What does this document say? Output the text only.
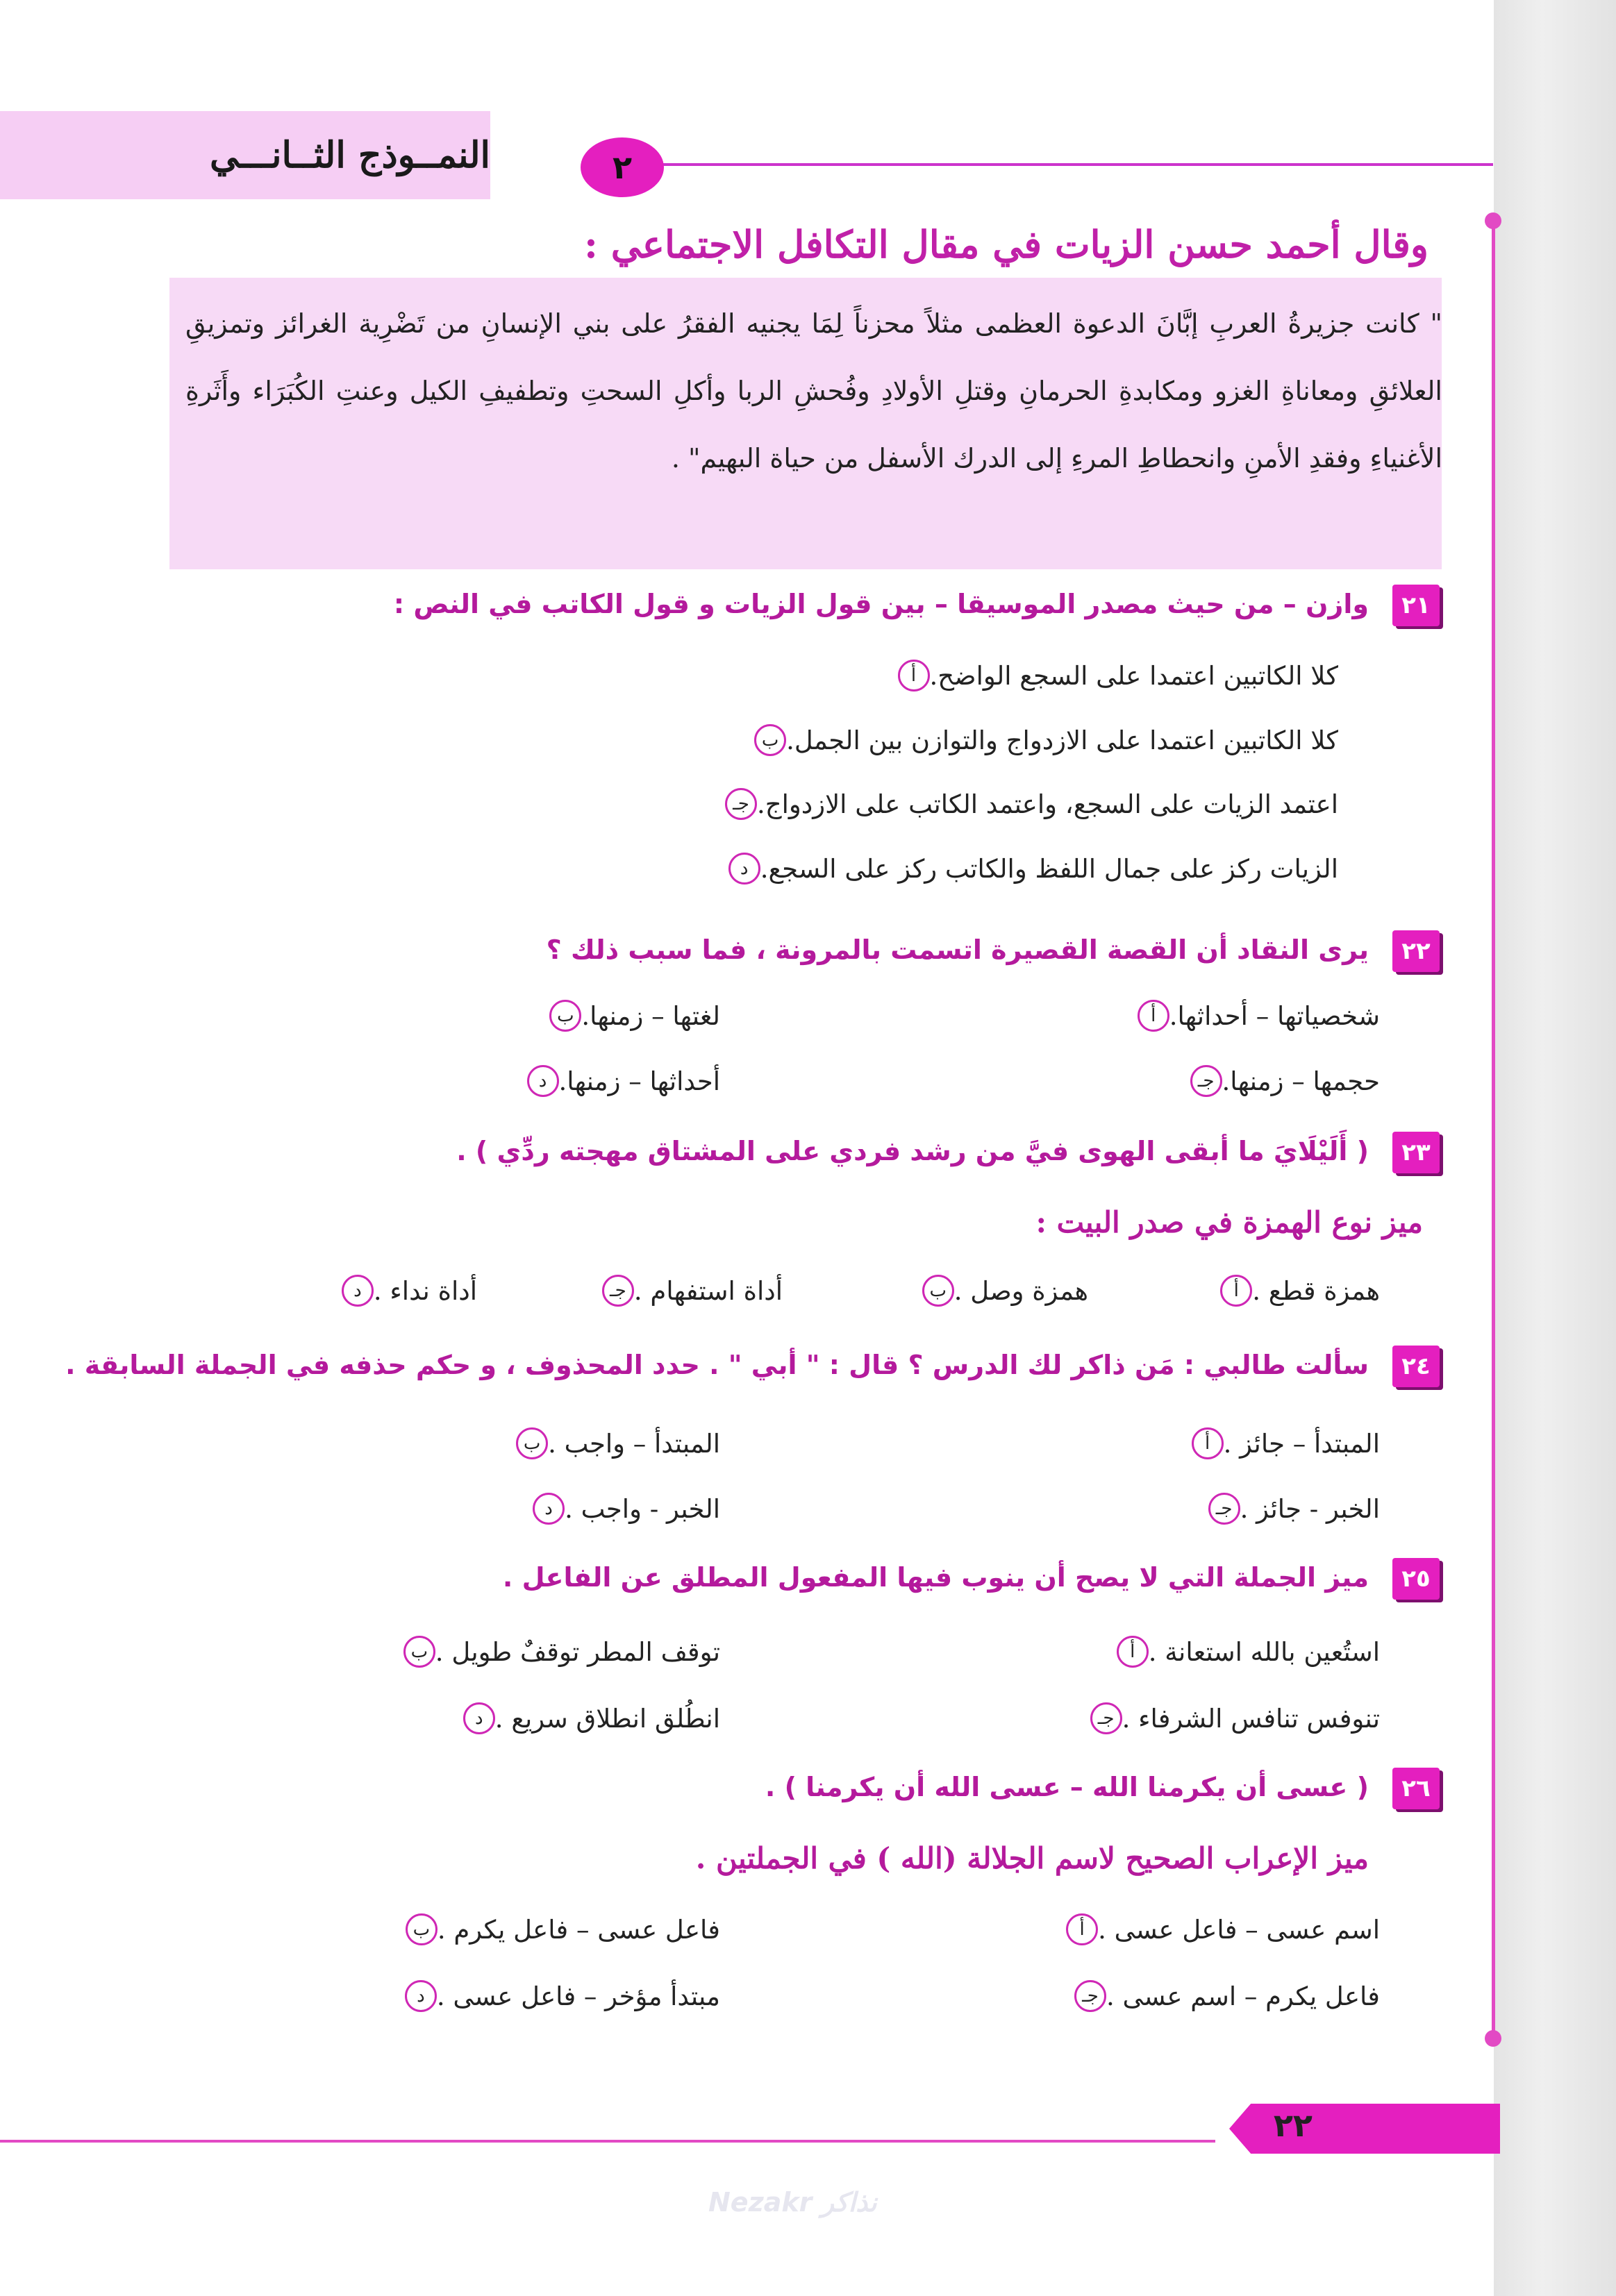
النمــوذج الثــانـــي	٢
وقال أحمد حسن الزيات في مقال التكافل الاجتماعي :
" كانت جزيرةُ العربِ إبَّانَ الدعوة العظمى مثلاً محزناً لِمَا يجنيه الفقرُ على بني الإنسانِ من تَضْرِية الغرائز وتمزيقِ العلائقِ ومعاناةِ الغزو ومكابدةِ الحرمانِ وقتلِ الأولادِ وفُحشِ الربا وأكلِ السحتِ وتطفيفِ الكيل وعنتِ الكُبَرَاء وأَثَرةِ الأغنياءِ وفقدِ الأمنِ وانحطاطِ المرءِ إلى الدرك الأسفل من حياة البهيم" .
٢١
وازن – من حيث مصدر الموسيقا – بين قول الزيات و قول الكاتب في النص :
أ كلا الكاتبين اعتمدا على السجع الواضح.
ب كلا الكاتبين اعتمدا على الازدواج والتوازن بين الجمل.
جـ اعتمد الزيات على السجع، واعتمد الكاتب على الازدواج.
د الزيات ركز على جمال اللفظ والكاتب ركز على السجع.
٢٢
يرى النقاد أن القصة القصيرة اتسمت بالمرونة ، فما سبب ذلك ؟
أ شخصياتها – أحداثها.
ب لغتها – زمنها.
جـ حجمها – زمنها.
د أحداثها – زمنها.
٢٣
( أَلَيْلَايَ ما أبقى الهوى فيَّ من رشد فردي على المشتاق مهجته ردِّي ) .
ميز نوع الهمزة في صدر البيت :
أ همزة قطع .
ب همزة وصل .
جـ أداة استفهام .
د أداة نداء .
٢٤
سألت طالبي : مَن ذاكر لك الدرس ؟ قال : " أبي " . حدد المحذوف ، و حكم حذفه في الجملة السابقة .
أ المبتدأ – جائز .
ب المبتدأ – واجب .
جـ الخبر - جائز .
د الخبر - واجب .
٢٥
ميز الجملة التي لا يصح أن ينوب فيها المفعول المطلق عن الفاعل .
أ استُعين بالله استعانة .
ب توقف المطر توقفٌ طويل .
جـ تنوفس تنافس الشرفاء .
د انطُلق انطلاق سريع .
٢٦
( عسى أن يكرمنا الله – عسى الله أن يكرمنا ) .
ميز الإعراب الصحيح لاسم الجلالة (الله ) في الجملتين .
أ اسم عسى – فاعل عسى .
ب فاعل عسى – فاعل يكرم .
جـ فاعل يكرم – اسم عسى .
د مبتدأ مؤخر – فاعل عسى .
٢٢
Nezakr نذاكر
